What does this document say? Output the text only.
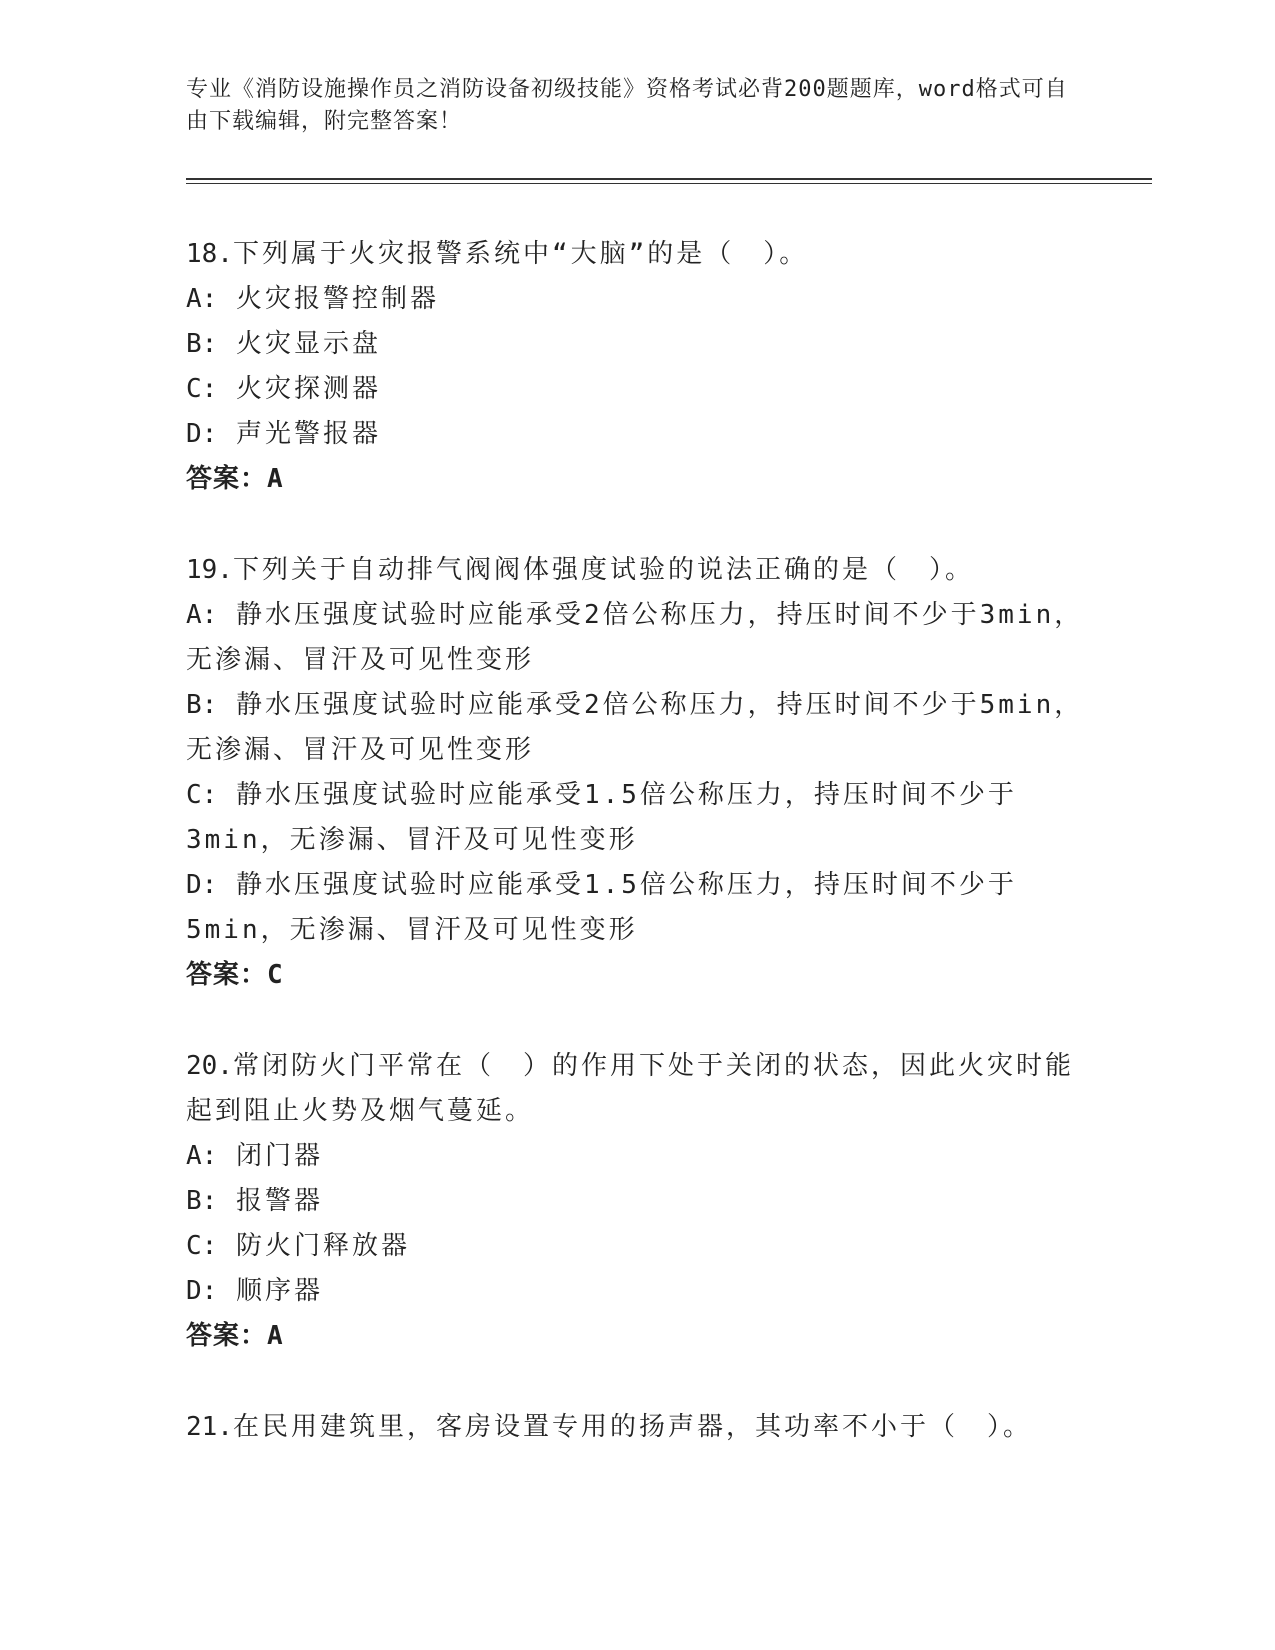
专业《消防设施操作员之消防设备初级技能》资格考试必背200题题库，word格式可自由下载编辑，附完整答案！

18.下列属于火灾报警系统中“大脑”的是（　）。

A: 火灾报警控制器

B: 火灾显示盘

C: 火灾探测器

D: 声光警报器

答案：A

19.下列关于自动排气阀阀体强度试验的说法正确的是（　）。

A: 静水压强度试验时应能承受2倍公称压力，持压时间不少于3min，无渗漏、冒汗及可见性变形

B: 静水压强度试验时应能承受2倍公称压力，持压时间不少于5min，无渗漏、冒汗及可见性变形

C: 静水压强度试验时应能承受1.5倍公称压力，持压时间不少于3min，无渗漏、冒汗及可见性变形

D: 静水压强度试验时应能承受1.5倍公称压力，持压时间不少于5min，无渗漏、冒汗及可见性变形

答案：C

20.常闭防火门平常在（　）的作用下处于关闭的状态，因此火灾时能起到阻止火势及烟气蔓延。

A: 闭门器

B: 报警器

C: 防火门释放器

D: 顺序器

答案：A

21.在民用建筑里，客房设置专用的扬声器，其功率不小于（　）。
